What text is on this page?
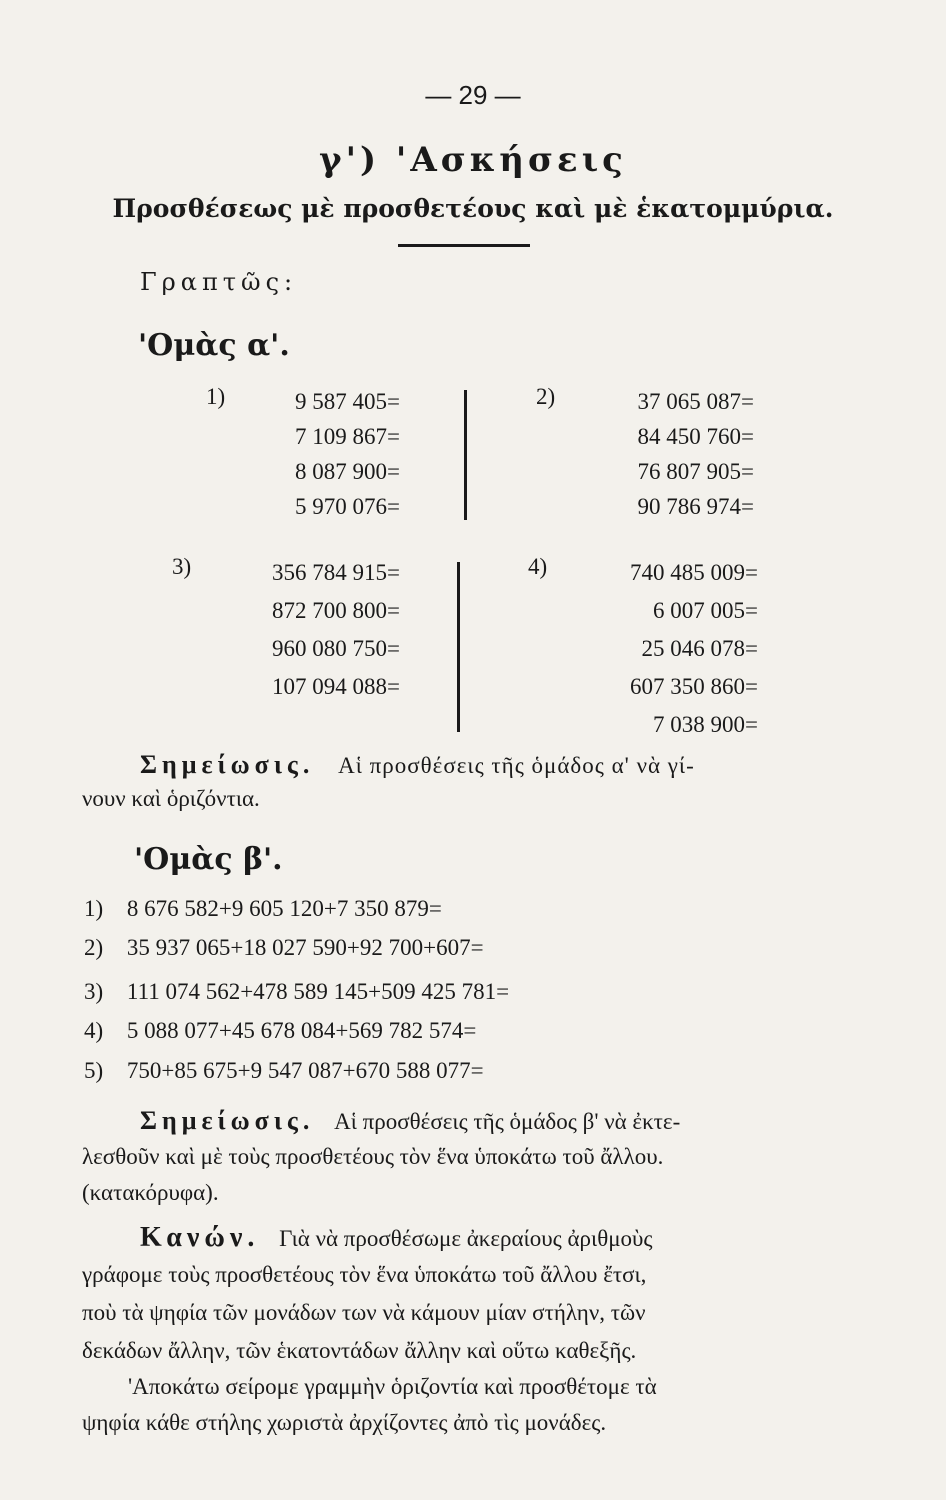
— 29 —
γ') 'Ασκήσεις
Προσθέσεως μὲ προσθετέους καὶ μὲ ἑκατομμύρια.
Γραπτῶς:
'Ομὰς α'.
1)	9 587 405=
7 109 867=
8 087 900=
5 970 076=
2)	37 065 087=
84 450 760=
76 807 905=
90 786 974=
3)	356 784 915=
872 700 800=
960 080 750=
107 094 088=
4)	740 485 009=
6 007 005=
25 046 078=
607 350 860=
7 038 900=
Σημείωσις. Αἱ προσθέσεις τῆς ὁμάδος α' νὰ γί-
νουν καὶ ὁριζόντια.
'Ομὰς β'.
1) 8 676 582+9 605 120+7 350 879=
2) 35 937 065+18 027 590+92 700+607=
3) 111 074 562+478 589 145+509 425 781=
4) 5 088 077+45 678 084+569 782 574=
5) 750+85 675+9 547 087+670 588 077=
Σημείωσις. Αἱ προσθέσεις τῆς ὁμάδος β' νὰ ἐκτε-
λεσθοῦν καὶ μὲ τοὺς προσθετέους τὸν ἕνα ὑποκάτω τοῦ ἄλλου.
(κατακόρυφα).
Κανών. Γιὰ νὰ προσθέσωμε ἀκεραίους ἀριθμοὺς
γράφομε τοὺς προσθετέους τὸν ἕνα ὑποκάτω τοῦ ἄλλου ἔτσι,
ποὺ τὰ ψηφία τῶν μονάδων των νὰ κάμουν μίαν στήλην, τῶν
δεκάδων ἄλλην, τῶν ἑκατοντάδων ἄλλην καὶ οὕτω καθεξῆς.
'Αποκάτω σείρομε γραμμὴν ὁριζοντία καὶ προσθέτομε τὰ
ψηφία κάθε στήλης χωριστὰ ἀρχίζοντες ἀπὸ τὶς μονάδες.
